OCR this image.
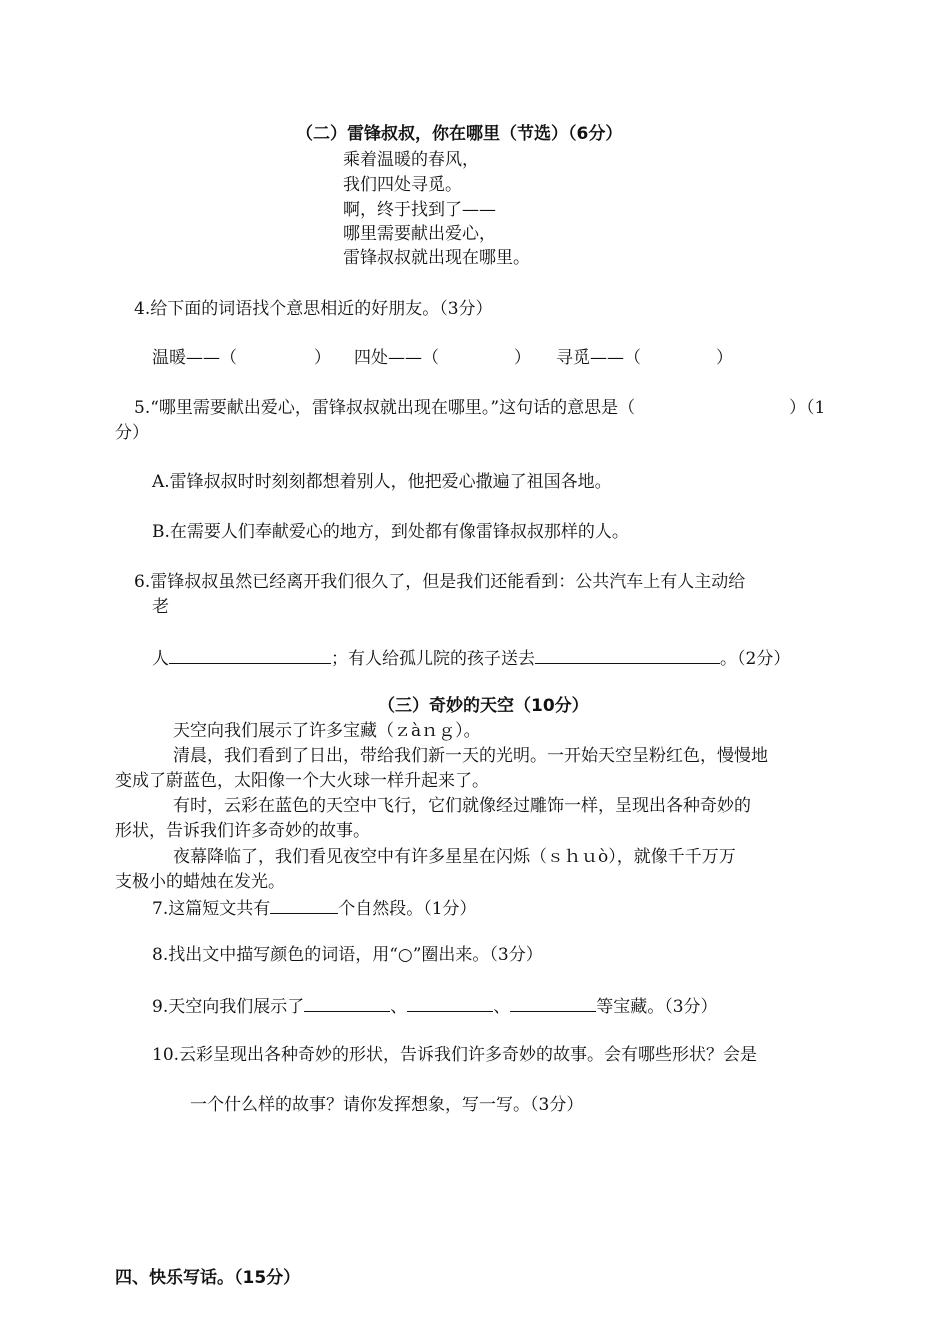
（二）雷锋叔叔，你在哪里（节选）（6分）
乘着温暖的春风，
我们四处寻觅。
啊，终于找到了——
哪里需要献出爱心，
雷锋叔叔就出现在哪里。
4.给下面的词语找个意思相近的好朋友。（3分）
温暖——（	） 四处——（	） 寻觅——（	）
5.“哪里需要献出爱心，雷锋叔叔就出现在哪里。”这句话的意思是（	）（1
分）
A.雷锋叔叔时时刻刻都想着别人，他把爱心撒遍了祖国各地。
B.在需要人们奉献爱心的地方，到处都有像雷锋叔叔那样的人。
6.雷锋叔叔虽然已经离开我们很久了，但是我们还能看到：公共汽车上有人主动给
老
人	；有人给孤儿院的孩子送去	。（2分）
（三）奇妙的天空（10分）
天空向我们展示了许多宝藏（ｚàｎｇ）。
清晨，我们看到了日出，带给我们新一天的光明。一开始天空呈粉红色，慢慢地
变成了蔚蓝色，太阳像一个大火球一样升起来了。
有时，云彩在蓝色的天空中飞行，它们就像经过雕饰一样，呈现出各种奇妙的
形状，告诉我们许多奇妙的故事。
夜幕降临了，我们看见夜空中有许多星星在闪烁（ｓｈｕò），就像千千万万
支极小的蜡烛在发光。
7.这篇短文共有	个自然段。（1分）
8.找出文中描写颜色的词语，用“○”圈出来。（3分）
9.天空向我们展示了	、	、	等宝藏。（3分）
10.云彩呈现出各种奇妙的形状，告诉我们许多奇妙的故事。会有哪些形状？会是
一个什么样的故事？请你发挥想象，写一写。（3分）
四、快乐写话。（15分）
